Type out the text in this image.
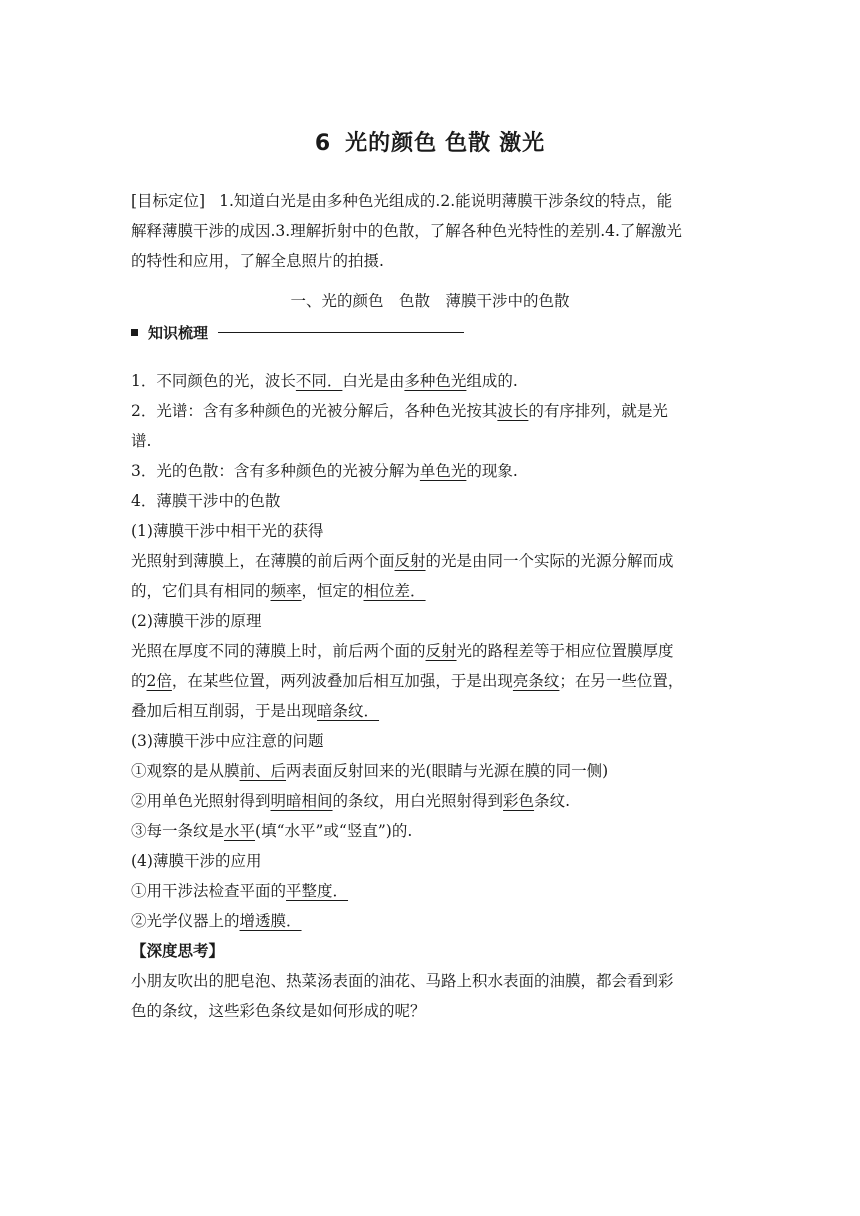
6 光的颜色 色散 激光
[目标定位] 1.知道白光是由多种色光组成的.2.能说明薄膜干涉条纹的特点，能
解释薄膜干涉的成因.3.理解折射中的色散，了解各种色光特性的差别.4.了解激光
的特性和应用，了解全息照片的拍摄.
一、光的颜色　色散　薄膜干涉中的色散
知识梳理
1．不同颜色的光，波长不同．白光是由多种色光组成的.
2．光谱：含有多种颜色的光被分解后，各种色光按其波长的有序排列，就是光
谱.
3．光的色散：含有多种颜色的光被分解为单色光的现象.
4．薄膜干涉中的色散
(1)薄膜干涉中相干光的获得
光照射到薄膜上，在薄膜的前后两个面反射的光是由同一个实际的光源分解而成
的，它们具有相同的频率，恒定的相位差．
(2)薄膜干涉的原理
光照在厚度不同的薄膜上时，前后两个面的反射光的路程差等于相应位置膜厚度
的2倍，在某些位置，两列波叠加后相互加强，于是出现亮条纹；在另一些位置，
叠加后相互削弱，于是出现暗条纹．
(3)薄膜干涉中应注意的问题
①观察的是从膜前、后两表面反射回来的光(眼睛与光源在膜的同一侧)
②用单色光照射得到明暗相间的条纹，用白光照射得到彩色条纹.
③每一条纹是水平(填“水平”或“竖直”)的.
(4)薄膜干涉的应用
①用干涉法检查平面的平整度．
②光学仪器上的增透膜．
【深度思考】
小朋友吹出的肥皂泡、热菜汤表面的油花、马路上积水表面的油膜，都会看到彩
色的条纹，这些彩色条纹是如何形成的呢？
